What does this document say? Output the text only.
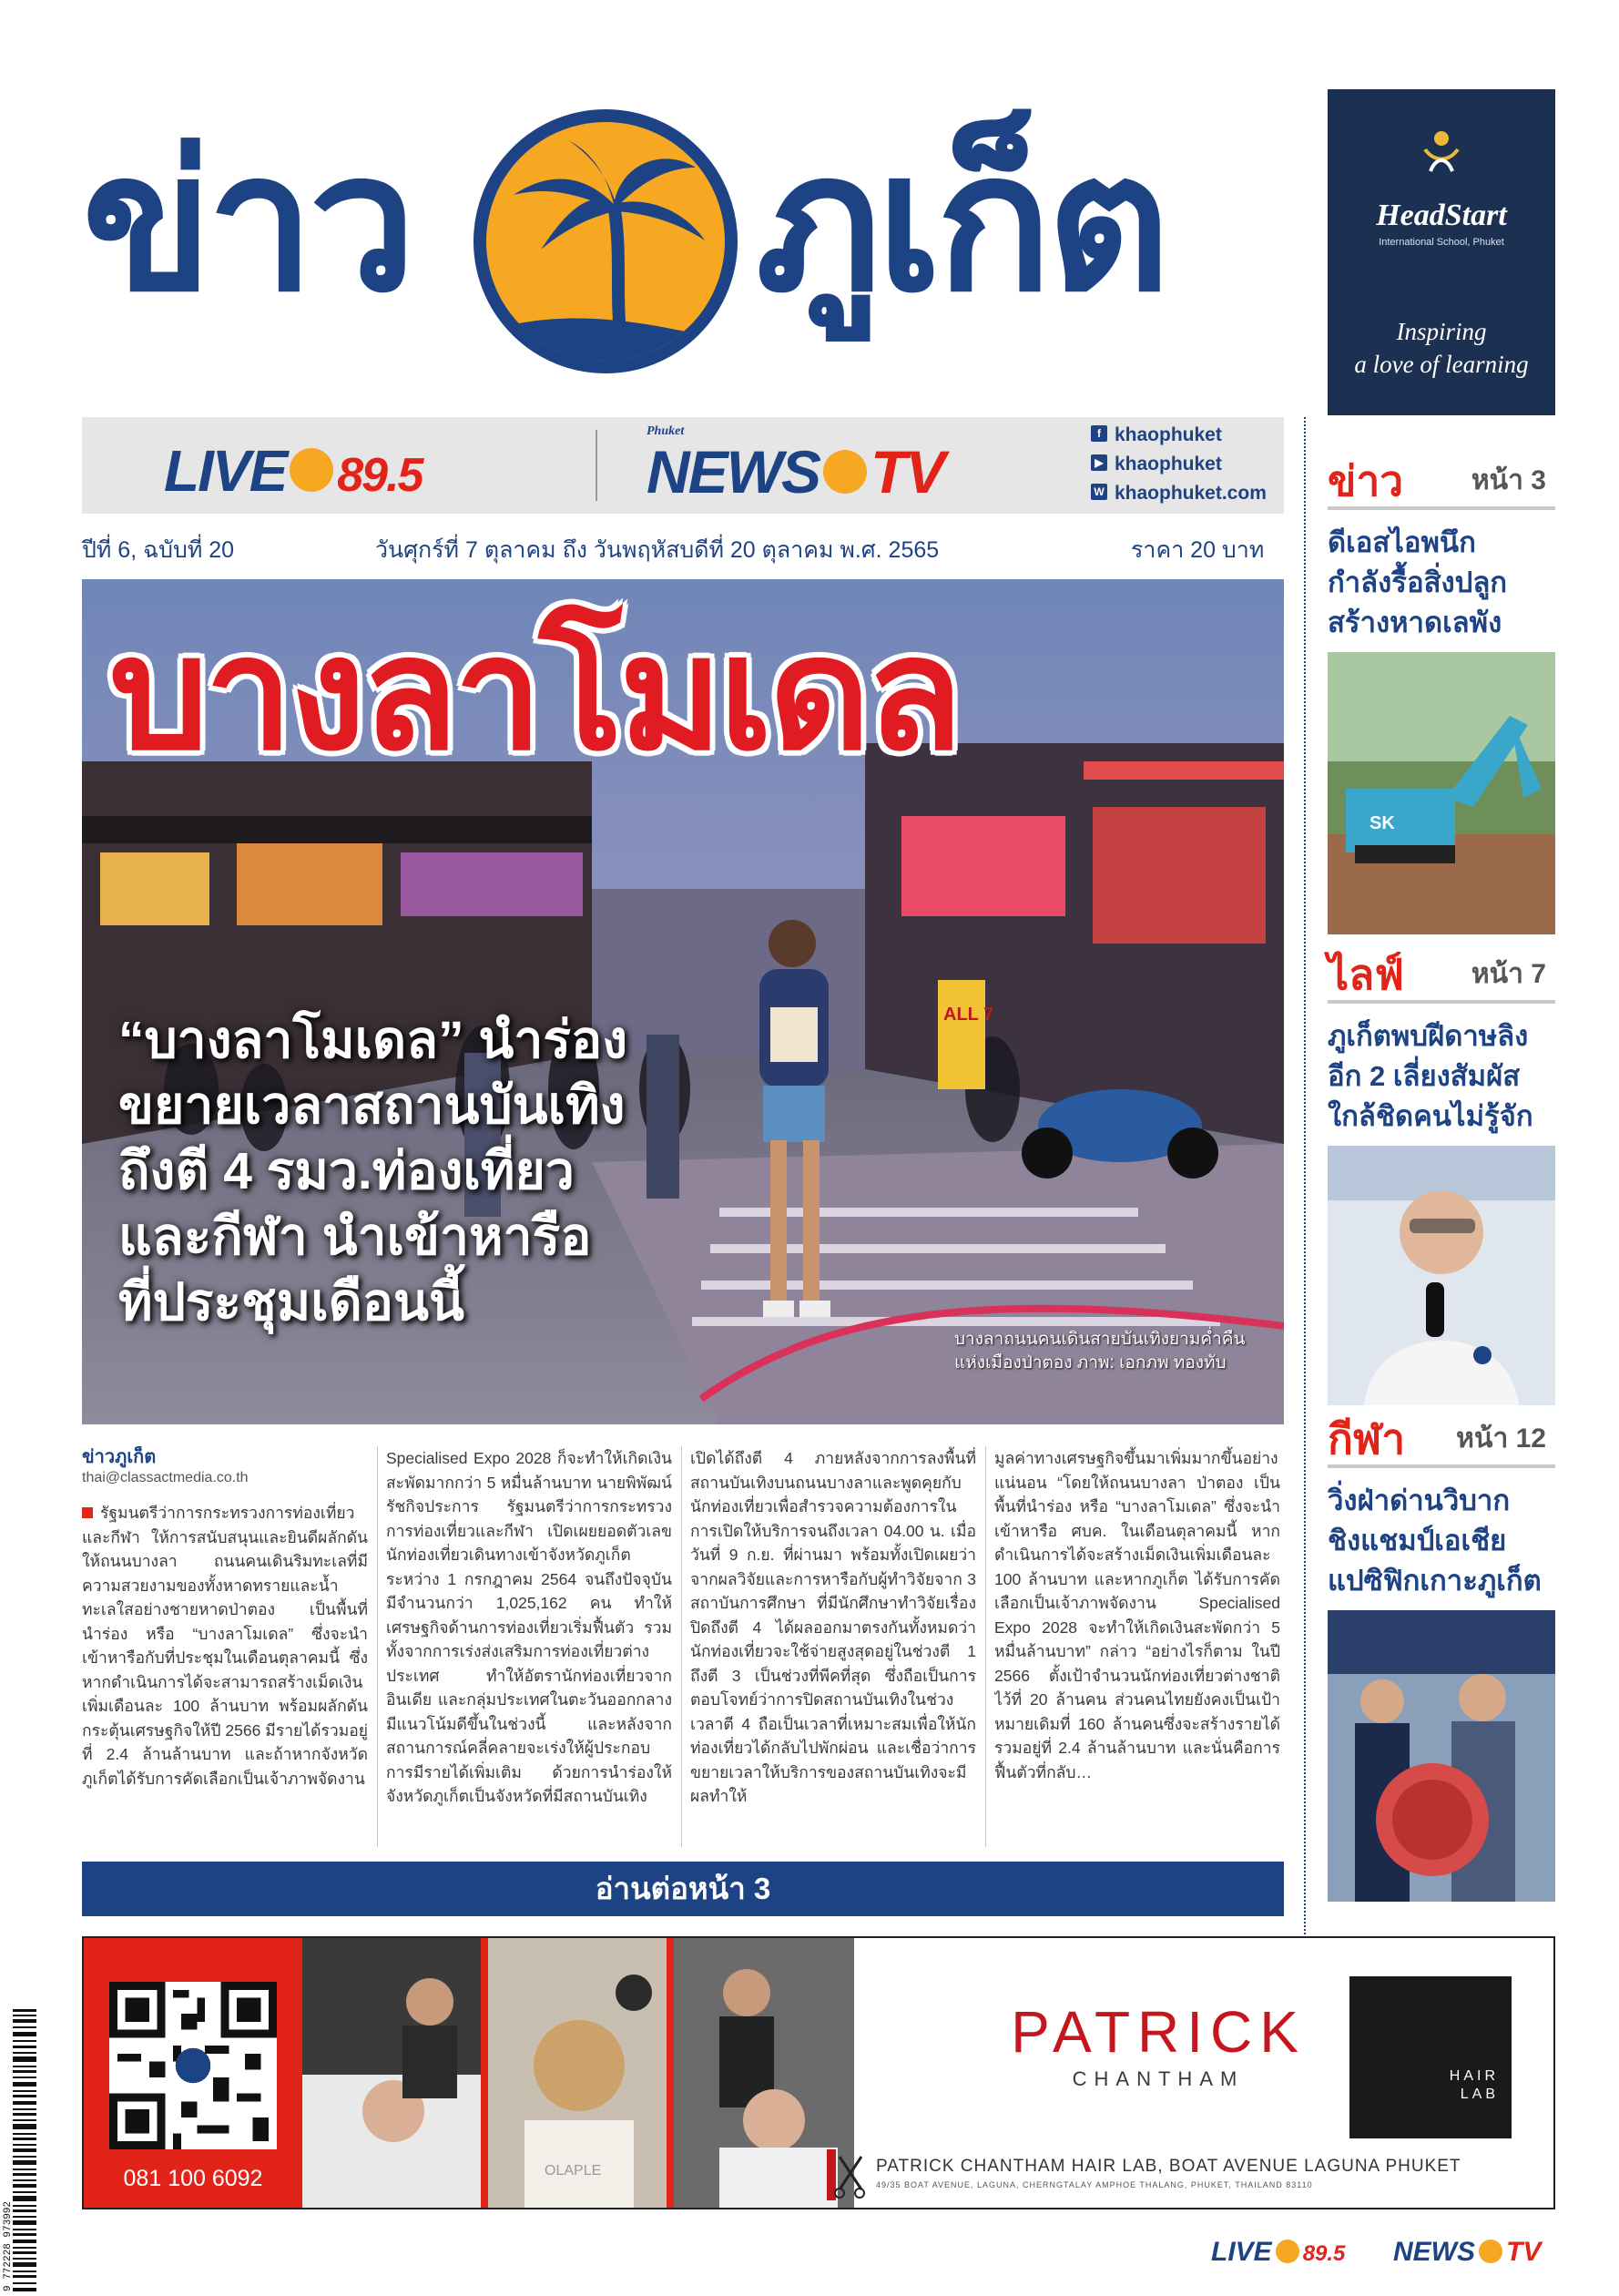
ข่าว ภูเก็ต	HeadStart
International School, Phuket
Inspiring
a love of learning
LIVE 89.5
Phuket
NEWS TV
f khaophuket
▶ khaophuket
W khaophuket.com
ปีที่ 6, ฉบับที่ 20	วันศุกร์ที่ 7 ตุลาคม ถึง วันพฤหัสบดีที่ 20 ตุลาคม พ.ศ. 2565	ราคา 20 บาท
ALL 7
บางลาโมเดล
“บางลาโมเดล” นำร่อง
ขยายเวลาสถานบันเทิง
ถึงตี 4 รมว.ท่องเที่ยว
และกีฬา นำเข้าหารือ
ที่ประชุมเดือนนี้
บางลาถนนคนเดินสายบันเทิงยามค่ำคืน
แห่งเมืองป่าตอง ภาพ: เอกภพ ทองทับ
ข่าวภูเก็ต
thai@classactmedia.co.th

รัฐมนตรีว่าการกระทรวงการท่องเที่ยวและกีฬา ให้การสนับสนุนและยินดีผลักดันให้ถนนบางลา ถนนคนเดินริมทะเลที่มีความสวยงามของทั้งหาดทรายและน้ำทะเลใสอย่างชายหาดป่าตอง เป็นพื้นที่นำร่อง หรือ “บางลาโมเดล” ซึ่งจะนำเข้าหารือกับที่ประชุมในเดือนตุลาคมนี้ ซึ่งหากดำเนินการได้จะสามารถสร้างเม็ดเงินเพิ่มเดือนละ 100 ล้านบาท พร้อมผลักดันกระตุ้นเศรษฐกิจให้ปี 2566 มีรายได้รวมอยู่ที่ 2.4 ล้านล้านบาท และถ้าหากจังหวัดภูเก็ตได้รับการคัดเลือกเป็นเจ้าภาพจัดงาน

Specialised Expo 2028 ก็จะทำให้เกิดเงินสะพัดมากกว่า 5 หมื่นล้านบาท นายพิพัฒน์ รัชกิจประการ รัฐมนตรีว่าการกระทรวงการท่องเที่ยวและกีฬา เปิดเผยยอดตัวเลขนักท่องเที่ยวเดินทางเข้าจังหวัดภูเก็ต ระหว่าง 1 กรกฎาคม 2564 จนถึงปัจจุบัน มีจำนวนกว่า 1,025,162 คน ทำให้เศรษฐกิจด้านการท่องเที่ยวเริ่มฟื้นตัว รวมทั้งจากการเร่งส่งเสริมการท่องเที่ยวต่างประเทศ ทำให้อัตรานักท่องเที่ยวจากอินเดีย และกลุ่มประเทศในตะวันออกกลางมีแนวโน้มดีขึ้นในช่วงนี้ และหลังจากสถานการณ์คลี่คลายจะเร่งให้ผู้ประกอบการมีรายได้เพิ่มเติม ด้วยการนำร่องให้จังหวัดภูเก็ตเป็นจังหวัดที่มีสถานบันเทิง

เปิดได้ถึงตี 4 ภายหลังจากการลงพื้นที่สถานบันเทิงบนถนนบางลาและพูดคุยกับนักท่องเที่ยวเพื่อสำรวจความต้องการในการเปิดให้บริการจนถึงเวลา 04.00 น. เมื่อวันที่ 9 ก.ย. ที่ผ่านมา พร้อมทั้งเปิดเผยว่า จากผลวิจัยและการหารือกับผู้ทำวิจัยจาก 3 สถาบันการศึกษา ที่มีนักศึกษาทำวิจัยเรื่องปิดถึงตี 4 ได้ผลออกมาตรงกันทั้งหมดว่านักท่องเที่ยวจะใช้จ่ายสูงสุดอยู่ในช่วงตี 1 ถึงตี 3 เป็นช่วงที่พีคที่สุด ซึ่งถือเป็นการตอบโจทย์ว่าการปิดสถานบันเทิงในช่วงเวลาตี 4 ถือเป็นเวลาที่เหมาะสมเพื่อให้นักท่องเที่ยวได้กลับไปพักผ่อน และเชื่อว่าการขยายเวลาให้บริการของสถานบันเทิงจะมีผลทำให้

มูลค่าทางเศรษฐกิจขึ้นมาเพิ่มมากขึ้นอย่างแน่นอน “โดยให้ถนนบางลา ป่าตอง เป็นพื้นที่นำร่อง หรือ “บางลาโมเดล” ซึ่งจะนำเข้าหารือ ศบค. ในเดือนตุลาคมนี้ หากดำเนินการได้จะสร้างเม็ดเงินเพิ่มเดือนละ 100 ล้านบาท และหากภูเก็ต ได้รับการคัดเลือกเป็นเจ้าภาพจัดงาน Specialised Expo 2028 จะทำให้เกิดเงินสะพัดกว่า 5 หมื่นล้านบาท” กล่าว “อย่างไรก็ตาม ในปี 2566 ตั้งเป้าจำนวนนักท่องเที่ยวต่างชาติไว้ที่ 20 ล้านคน ส่วนคนไทยยังคงเป็นเป้าหมายเดิมที่ 160 ล้านคนซึ่งจะสร้างรายได้รวมอยู่ที่ 2.4 ล้านล้านบาท และนั่นคือการฟื้นตัวที่กลับ…

อ่านต่อหน้า 3
ข่าว หน้า 3
ดีเอสไอพนึก
กำลังรื้อสิ่งปลูก
สร้างหาดเลพัง
SK
ไลฟ์ หน้า 7
ภูเก็ตพบฝีดาษลิง
อีก 2 เลี่ยงสัมผัส
ใกล้ชิดคนไม่รู้จัก
กีฬา หน้า 12
วิ่งฝ่าด่านวิบาก
ชิงแชมป์เอเชีย
แปซิฟิกเกาะภูเก็ต
081 100 6092	OLAPLE
PATRICK
CHANTHAM	HAIR
LAB
PATRICK CHANTHAM HAIR LAB, BOAT AVENUE LAGUNA PHUKET
49/35 BOAT AVENUE, LAGUNA, CHERNGTALAY AMPHOE THALANG, PHUKET, THAILAND 83110
9 772228 973992	LIVE 89.5 NEWS TV
